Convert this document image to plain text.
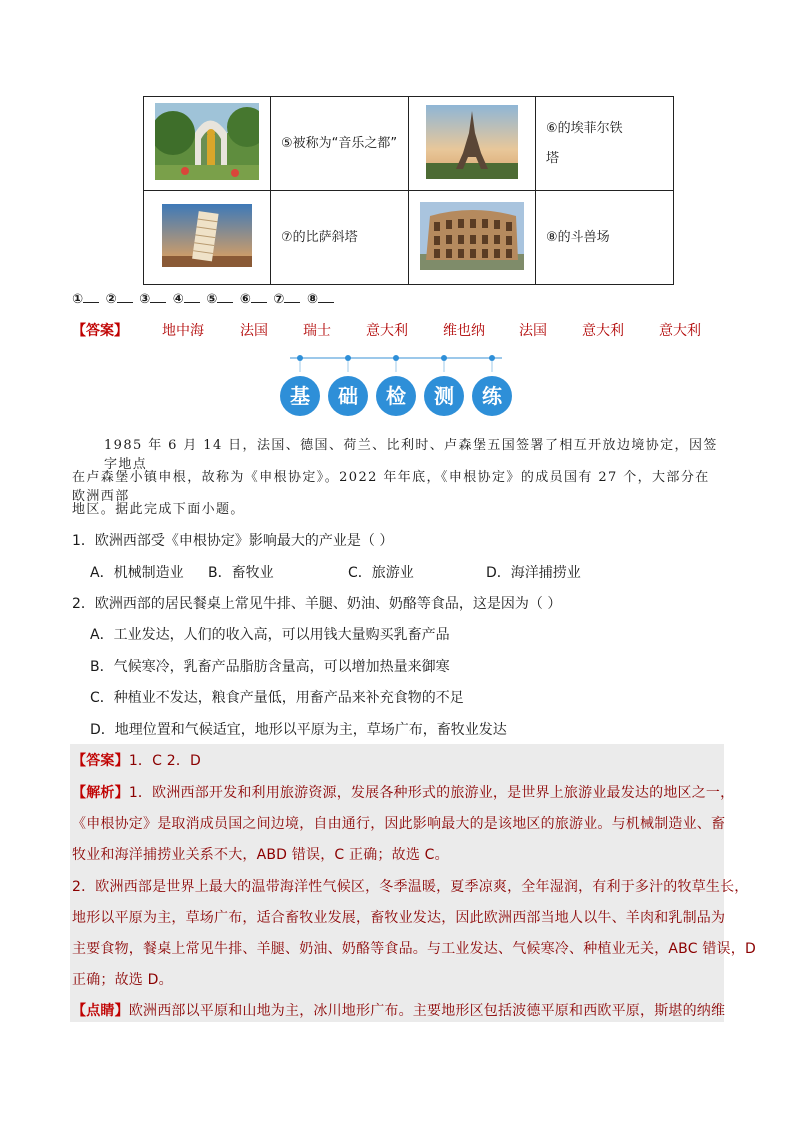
	⑤被称为“音乐之都”		⑥的埃菲尔铁
塔

	⑦的比萨斜塔		⑧的斗兽场
① ② ③ ④ ⑤ ⑥ ⑦ ⑧
【答案】 地中海	法国	瑞士	意大利	维也纳 法国	意大利	意大利
基	础	检	测	练
1985 年 6 月 14 日，法国、德国、荷兰、比利时、卢森堡五国签署了相互开放边境协定，因签字地点
在卢森堡小镇申根，故称为《申根协定》。2022 年年底，《申根协定》的成员国有 27 个，大部分在欧洲西部
地区。据此完成下面小题。
1．欧洲西部受《申根协定》影响最大的产业是（ ）
A．机械制造业 B．畜牧业	C．旅游业	D．海洋捕捞业
2．欧洲西部的居民餐桌上常见牛排、羊腿、奶油、奶酪等食品，这是因为（ ）
A．工业发达，人们的收入高，可以用钱大量购买乳畜产品
B．气候寒冷，乳畜产品脂肪含量高，可以增加热量来御寒
C．种植业不发达，粮食产量低，用畜产品来补充食物的不足
D．地理位置和气候适宜，地形以平原为主，草场广布，畜牧业发达
【答案】1．C 2．D
【解析】1．欧洲西部开发和利用旅游资源，发展各种形式的旅游业，是世界上旅游业最发达的地区之一，
《申根协定》是取消成员国之间边境，自由通行，因此影响最大的是该地区的旅游业。与机械制造业、畜
牧业和海洋捕捞业关系不大，ABD 错误，C 正确；故选 C。
2．欧洲西部是世界上最大的温带海洋性气候区，冬季温暖，夏季凉爽，全年湿润，有利于多汁的牧草生长，
地形以平原为主，草场广布，适合畜牧业发展，畜牧业发达，因此欧洲西部当地人以牛、羊肉和乳制品为
主要食物，餐桌上常见牛排、羊腿、奶油、奶酪等食品。与工业发达、气候寒冷、种植业无关，ABC 错误，D
正确；故选 D。
【点睛】欧洲西部以平原和山地为主，冰川地形广布。主要地形区包括波德平原和西欧平原，斯堪的纳维
